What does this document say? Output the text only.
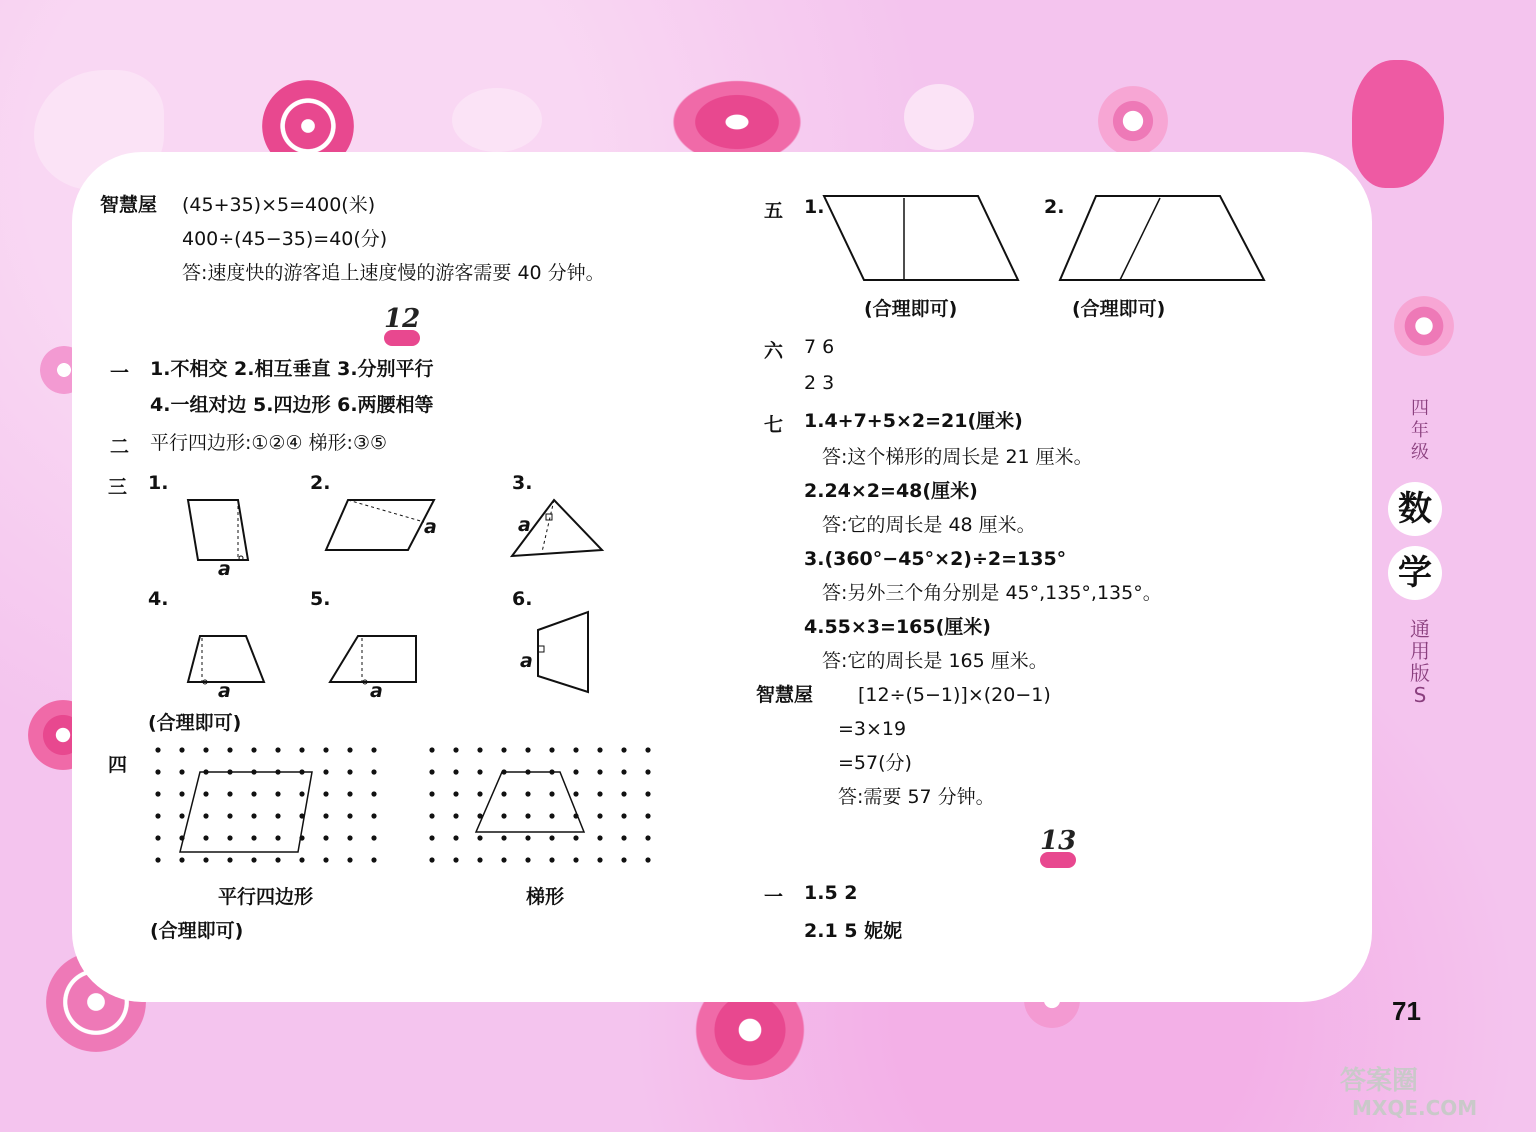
智慧屋 (45+35)×5=400(米)
400÷(45−35)=40(分)
答:速度快的游客追上速度慢的游客需要 40 分钟。
12
一 1.不相交 2.相互垂直 3.分别平行
4.一组对边 5.四边形 6.两腰相等
二 平行四边形:①②④ 梯形:③⑤
三 1.	2.	3.
4.	5.	6.
a
a	a
a	a
a
(合理即可)
四
平行四边形	梯形
(合理即可)
五 1.
(合理即可)
2.
(合理即可)
六 7 6
2 3
七 1.4+7+5×2=21(厘米)
答:这个梯形的周长是 21 厘米。
2.24×2=48(厘米)
答:它的周长是 48 厘米。
3.(360°−45°×2)÷2=135°
答:另外三个角分别是 45°,135°,135°。
4.55×3=165(厘米)
答:它的周长是 165 厘米。
智慧屋 [12÷(5−1)]×(20−1)
=3×19
=57(分)
答:需要 57 分钟。
13
一 1.5 2
2.1 5 妮妮
四
年
级
数
学
通
用
版
S
71
答案圈
MXQE.COM
